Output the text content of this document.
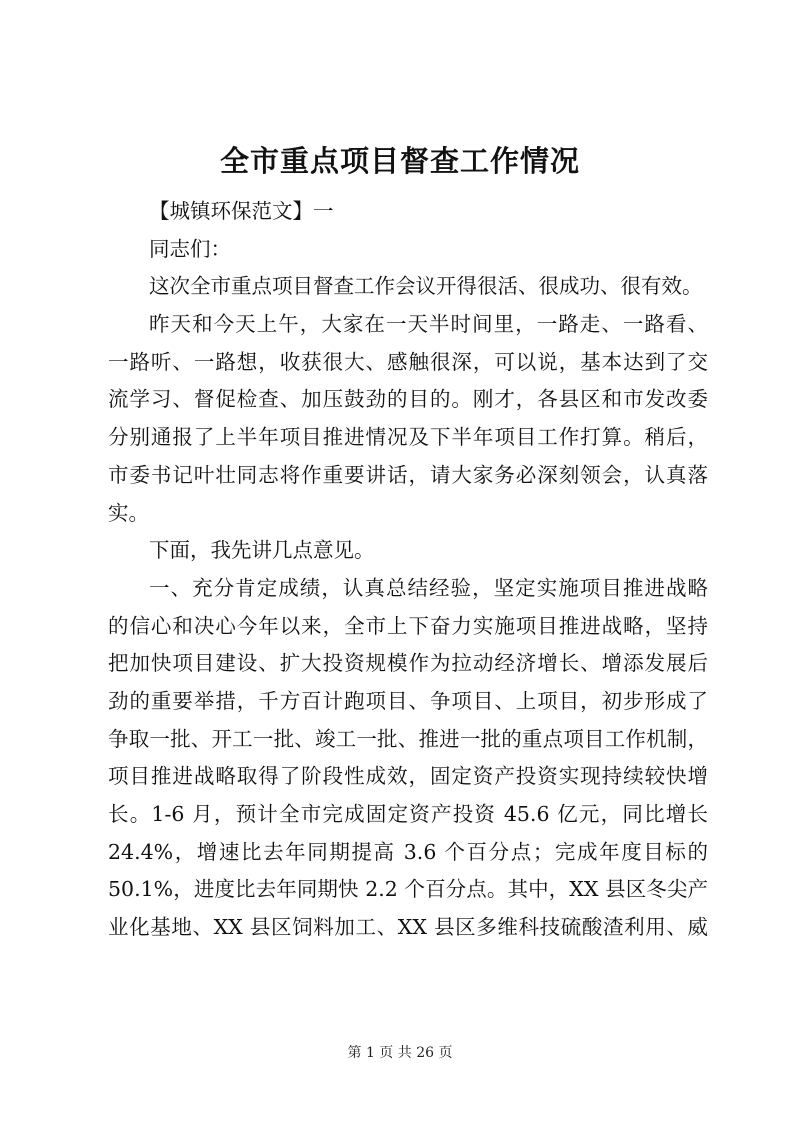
全市重点项目督查工作情况
【城镇环保范文】一
同志们：
这次全市重点项目督查工作会议开得很活、很成功、很有效。
昨天和今天上午，大家在一天半时间里，一路走、一路看、
一路听、一路想，收获很大、感触很深，可以说，基本达到了交
流学习、督促检查、加压鼓劲的目的。刚才，各县区和市发改委
分别通报了上半年项目推进情况及下半年项目工作打算。稍后，
市委书记叶壮同志将作重要讲话，请大家务必深刻领会，认真落
实。
下面，我先讲几点意见。
一、充分肯定成绩，认真总结经验，坚定实施项目推进战略
的信心和决心今年以来，全市上下奋力实施项目推进战略，坚持
把加快项目建设、扩大投资规模作为拉动经济增长、增添发展后
劲的重要举措，千方百计跑项目、争项目、上项目，初步形成了
争取一批、开工一批、竣工一批、推进一批的重点项目工作机制，
项目推进战略取得了阶段性成效，固定资产投资实现持续较快增
长。1-6 月，预计全市完成固定资产投资 45.6 亿元，同比增长
24.4%，增速比去年同期提高 3.6 个百分点；完成年度目标的
50.1%，进度比去年同期快 2.2 个百分点。其中，XX 县区冬尖产
业化基地、XX 县区饲料加工、XX 县区多维科技硫酸渣利用、威
第 1 页 共 26 页
